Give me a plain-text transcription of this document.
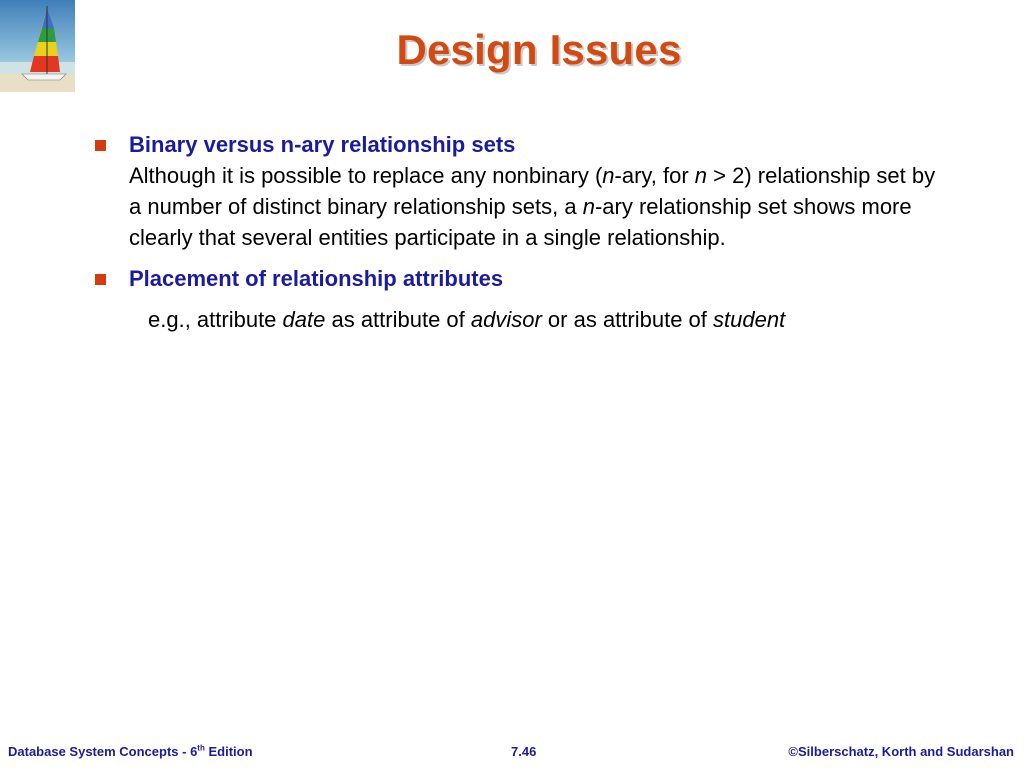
Design Issues
Binary versus n-ary relationship sets
Although it is possible to replace any nonbinary (n-ary, for n > 2) relationship set by a number of distinct binary relationship sets, a n-ary relationship set shows more clearly that several entities participate in a single relationship.
Placement of relationship attributes
e.g., attribute date as attribute of advisor or as attribute of student
Database System Concepts - 6th Edition	7.46	©Silberschatz, Korth and Sudarshan
